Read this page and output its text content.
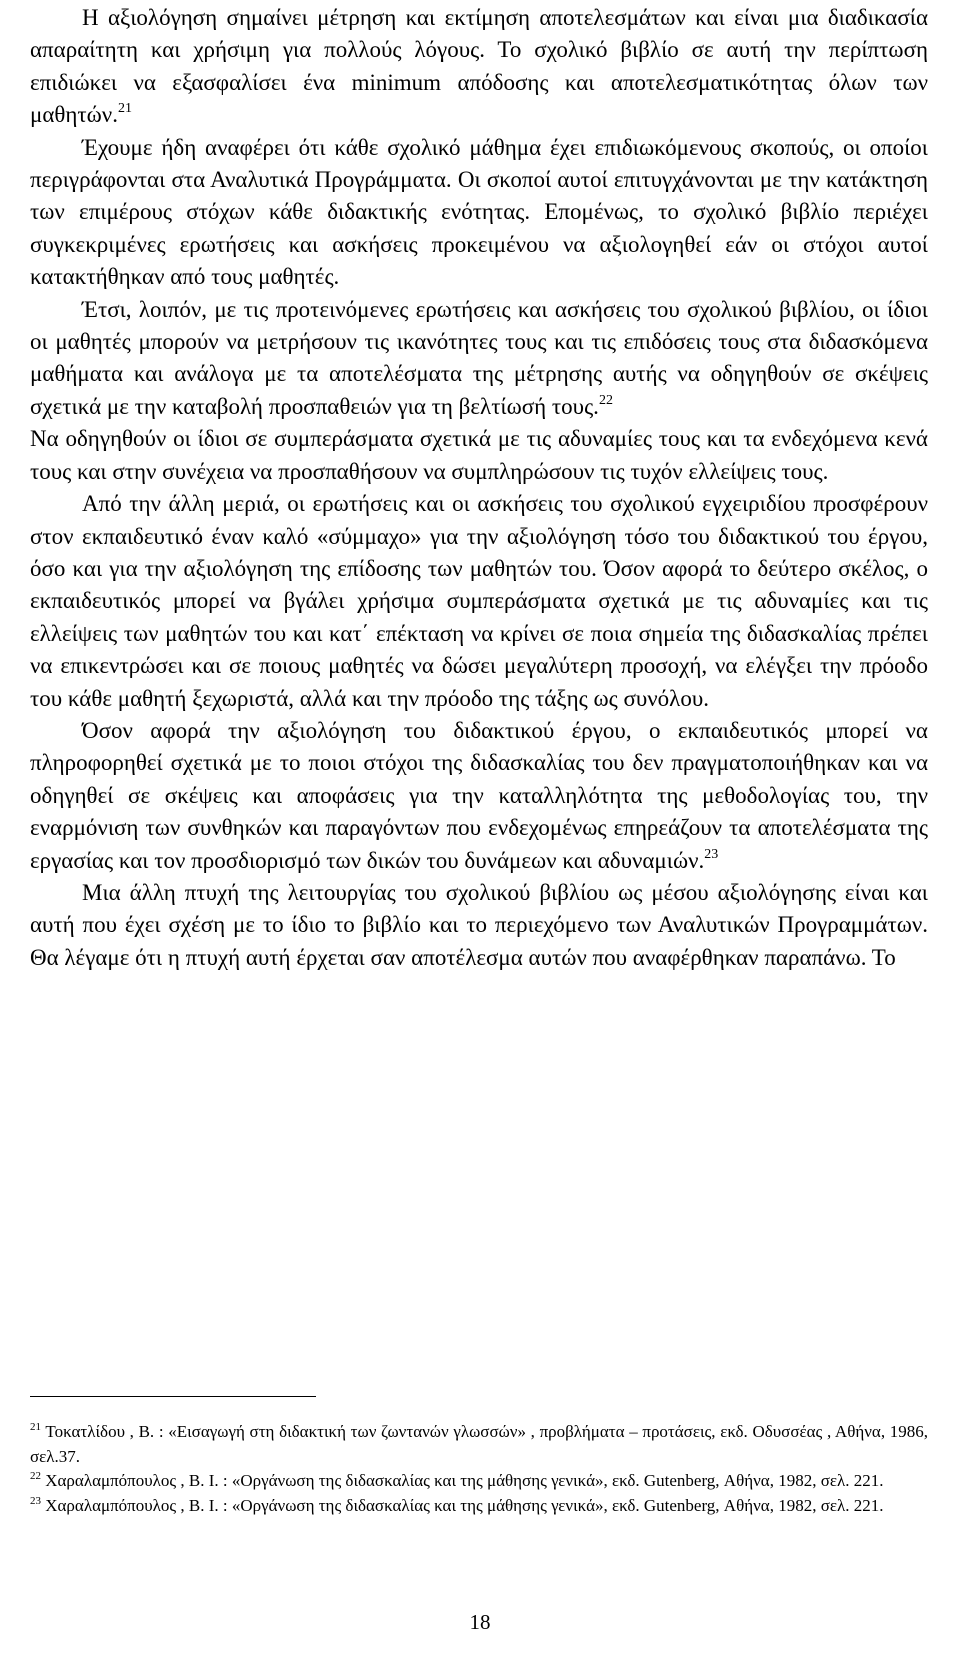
Η αξιολόγηση σημαίνει μέτρηση και εκτίμηση αποτελεσμάτων και είναι μια διαδικασία απαραίτητη και χρήσιμη για πολλούς λόγους. Το σχολικό βιβλίο σε αυτή την περίπτωση επιδιώκει να εξασφαλίσει ένα minimum απόδοσης και αποτελεσματικότητας όλων των μαθητών.$^{21}$

Έχουμε ήδη αναφέρει ότι κάθε σχολικό μάθημα έχει επιδιωκόμενους σκοπούς, οι οποίοι περιγράφονται στα Αναλυτικά Προγράμματα. Οι σκοποί αυτοί επιτυγχάνονται με την κατάκτηση των επιμέρους στόχων κάθε διδακτικής ενότητας. Επομένως, το σχολικό βιβλίο περιέχει συγκεκριμένες ερωτήσεις και ασκήσεις προκειμένου να αξιολογηθεί εάν οι στόχοι αυτοί κατακτήθηκαν από τους μαθητές.

Έτσι, λοιπόν, με τις προτεινόμενες ερωτήσεις και ασκήσεις του σχολικού βιβλίου, οι ίδιοι οι μαθητές μπορούν να μετρήσουν τις ικανότητες τους και τις επιδόσεις τους στα διδασκόμενα μαθήματα και ανάλογα με τα αποτελέσματα της μέτρησης αυτής να οδηγηθούν σε σκέψεις σχετικά με την καταβολή προσπαθειών για τη βελτίωσή τους.$^{22}$

Να οδηγηθούν οι ίδιοι σε συμπεράσματα σχετικά με τις αδυναμίες τους και τα ενδεχόμενα κενά τους και στην συνέχεια να προσπαθήσουν να συμπληρώσουν τις τυχόν ελλείψεις τους.

Από την άλλη μεριά, οι ερωτήσεις και οι ασκήσεις του σχολικού εγχειριδίου προσφέρουν στον εκπαιδευτικό έναν καλό «σύμμαχο» για την αξιολόγηση τόσο του διδακτικού του έργου, όσο και για την αξιολόγηση της επίδοσης των μαθητών του. Όσον αφορά το δεύτερο σκέλος, ο εκπαιδευτικός μπορεί να βγάλει χρήσιμα συμπεράσματα σχετικά με τις αδυναμίες και τις ελλείψεις των μαθητών του και κατ΄ επέκταση να κρίνει σε ποια σημεία της διδασκαλίας πρέπει να επικεντρώσει και σε ποιους μαθητές να δώσει μεγαλύτερη προσοχή, να ελέγξει την πρόοδο του κάθε μαθητή ξεχωριστά, αλλά και την πρόοδο της τάξης ως συνόλου.

Όσον αφορά την αξιολόγηση του διδακτικού έργου, ο εκπαιδευτικός μπορεί να πληροφορηθεί σχετικά με το ποιοι στόχοι της διδασκαλίας του δεν πραγματοποιήθηκαν και να οδηγηθεί σε σκέψεις και αποφάσεις για την καταλληλότητα της μεθοδολογίας του, την εναρμόνιση των συνθηκών και παραγόντων που ενδεχομένως επηρεάζουν τα αποτελέσματα της εργασίας και τον προσδιορισμό των δικών του δυνάμεων και αδυναμιών.$^{23}$

Μια άλλη πτυχή της λειτουργίας του σχολικού βιβλίου ως μέσου αξιολόγησης είναι και αυτή που έχει σχέση με το ίδιο το βιβλίο και το περιεχόμενο των Αναλυτικών Προγραμμάτων. Θα λέγαμε ότι η πτυχή αυτή έρχεται σαν αποτέλεσμα αυτών που αναφέρθηκαν παραπάνω. Το

$^{21}$ Τοκατλίδου , Β. : «Εισαγωγή στη διδακτική των ζωντανών γλωσσών» , προβλήματα – προτάσεις, εκδ. Οδυσσέας , Αθήνα, 1986, σελ.37.

$^{22}$ Χαραλαμπόπουλος , Β. Ι. : «Οργάνωση της διδασκαλίας και της μάθησης γενικά», εκδ. Gutenberg, Αθήνα, 1982, σελ. 221.

$^{23}$ Χαραλαμπόπουλος , Β. Ι. : «Οργάνωση της διδασκαλίας και της μάθησης γενικά», εκδ. Gutenberg, Αθήνα, 1982, σελ. 221.

18
